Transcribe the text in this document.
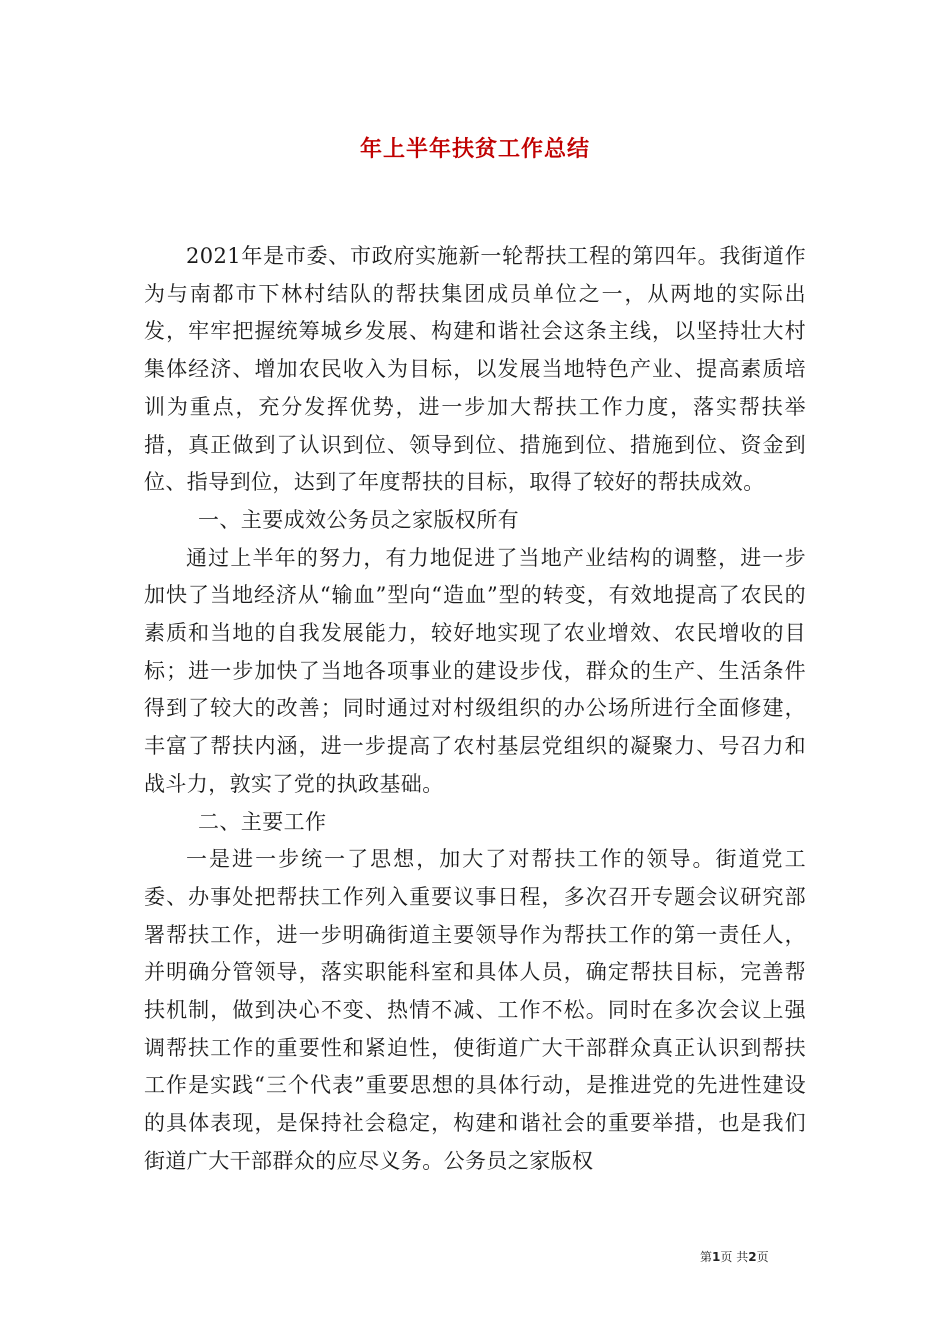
年上半年扶贫工作总结

2021年是市委、市政府实施新一轮帮扶工程的第四年。我街道作为与南都市下林村结队的帮扶集团成员单位之一，从两地的实际出发，牢牢把握统筹城乡发展、构建和谐社会这条主线，以坚持壮大村集体经济、增加农民收入为目标，以发展当地特色产业、提高素质培训为重点，充分发挥优势，进一步加大帮扶工作力度，落实帮扶举措，真正做到了认识到位、领导到位、措施到位、措施到位、资金到位、指导到位，达到了年度帮扶的目标，取得了较好的帮扶成效。

一、主要成效公务员之家版权所有

通过上半年的努力，有力地促进了当地产业结构的调整，进一步加快了当地经济从“输血”型向“造血”型的转变，有效地提高了农民的素质和当地的自我发展能力，较好地实现了农业增效、农民增收的目标；进一步加快了当地各项事业的建设步伐，群众的生产、生活条件得到了较大的改善；同时通过对村级组织的办公场所进行全面修建，丰富了帮扶内涵，进一步提高了农村基层党组织的凝聚力、号召力和战斗力，敦实了党的执政基础。

二、主要工作

一是进一步统一了思想，加大了对帮扶工作的领导。街道党工委、办事处把帮扶工作列入重要议事日程，多次召开专题会议研究部署帮扶工作，进一步明确街道主要领导作为帮扶工作的第一责任人，并明确分管领导，落实职能科室和具体人员，确定帮扶目标，完善帮扶机制，做到决心不变、热情不减、工作不松。同时在多次会议上强调帮扶工作的重要性和紧迫性，使街道广大干部群众真正认识到帮扶工作是实践“三个代表”重要思想的具体行动，是推进党的先进性建设的具体表现，是保持社会稳定，构建和谐社会的重要举措，也是我们街道广大干部群众的应尽义务。公务员之家版权

第1页 共2页
